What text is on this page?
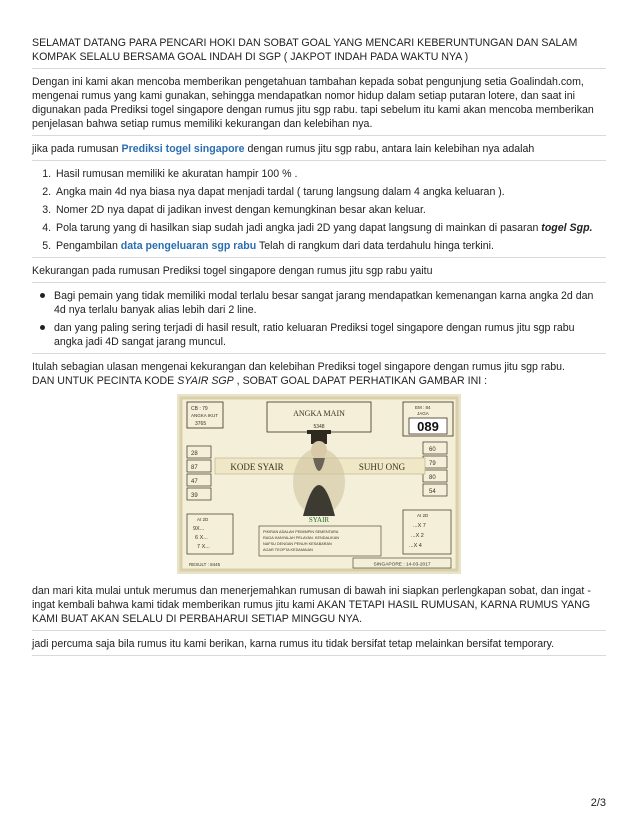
SELAMAT DATANG PARA PENCARI HOKI DAN SOBAT GOAL YANG MENCARI KEBERUNTUNGAN DAN SALAM KOMPAK SELALU BERSAMA GOAL INDAH DI SGP ( JAKPOT INDAH PADA WAKTU NYA )

Dengan ini kami akan mencoba memberikan pengetahuan tambahan kepada sobat pengunjung setia Goalindah.com, mengenai rumus yang kami gunakan, sehingga mendapatkan nomor hidup dalam setiap putaran lotere, dan saat ini digunakan pada Prediksi togel singapore dengan rumus jitu sgp rabu. tapi sebelum itu kami akan mencoba memberikan penjelasan bahwa setiap rumus memiliki kekurangan dan kelebihan nya.

jika pada rumusan Prediksi togel singapore dengan rumus jitu sgp rabu, antara lain kelebihan nya adalah

1. Hasil rumusan memiliki ke akuratan hampir 100 % .
2. Angka main 4d nya biasa nya dapat menjadi tardal ( tarung langsung dalam 4 angka keluaran ).
3. Nomer 2D nya dapat di jadikan invest dengan kemungkinan besar akan keluar.
4. Pola tarung yang di hasilkan siap sudah jadi angka jadi 2D yang dapat langsung di mainkan di pasaran togel Sgp.
5. Pengambilan data pengeluaran sgp rabu Telah di rangkum dari data terdahulu hinga terkini.

Kekurangan pada rumusan Prediksi togel singapore dengan rumus jitu sgp rabu yaitu

Bagi pemain yang tidak memiliki modal terlalu besar sangat jarang mendapatkan kemenangan karna angka 2d dan 4d nya terlalu banyak alias lebih dari 2 line.
dan yang paling sering terjadi di hasil result, ratio keluaran Prediksi togel singapore dengan rumus jitu sgp rabu angka jadi 4D sangat jarang muncul.

Itulah sebagian ulasan mengenai kekurangan dan kelebihan Prediksi togel singapore dengan rumus jitu sgp rabu.
DAN UNTUK PECINTA KODE SYAIR SGP , SOBAT GOAL DAPAT PERHATIKAN GAMBAR INI :

CB : 79
ANGKA IKUT
3765
28
87
47
39
ANGKA MAIN
5348
EM : 84
JAGA
089
60
79
80
54
KODE SYAIR	SUHU ONG
SYAIR
PIKIRAN ADALAH PEMIMPIN SEMENTARA
RAGA HANYALAH PELAYAN. KENDALIKAN
NAFSU DENGAN PENUH KESABARAN
AGAR TEOPTA KEDAMAIAN
AI 2D
9X...
6 X...
7 X...
AI 2D
...X 7
...X 2
...X 4
RESULT : 8445	SINGAPORE : 14-03-2017

dan mari kita mulai untuk merumus dan menerjemahkan rumusan di bawah ini siapkan perlengkapan sobat, dan ingat -ingat kembali bahwa kami tidak memberikan rumus jitu kami AKAN TETAPI HASIL RUMUSAN, KARNA RUMUS YANG KAMI BUAT AKAN SELALU DI PERBAHARUI SETIAP MINGGU NYA.

jadi percuma saja bila rumus itu kami berikan, karna rumus itu tidak bersifat tetap melainkan bersifat temporary.

2/3
